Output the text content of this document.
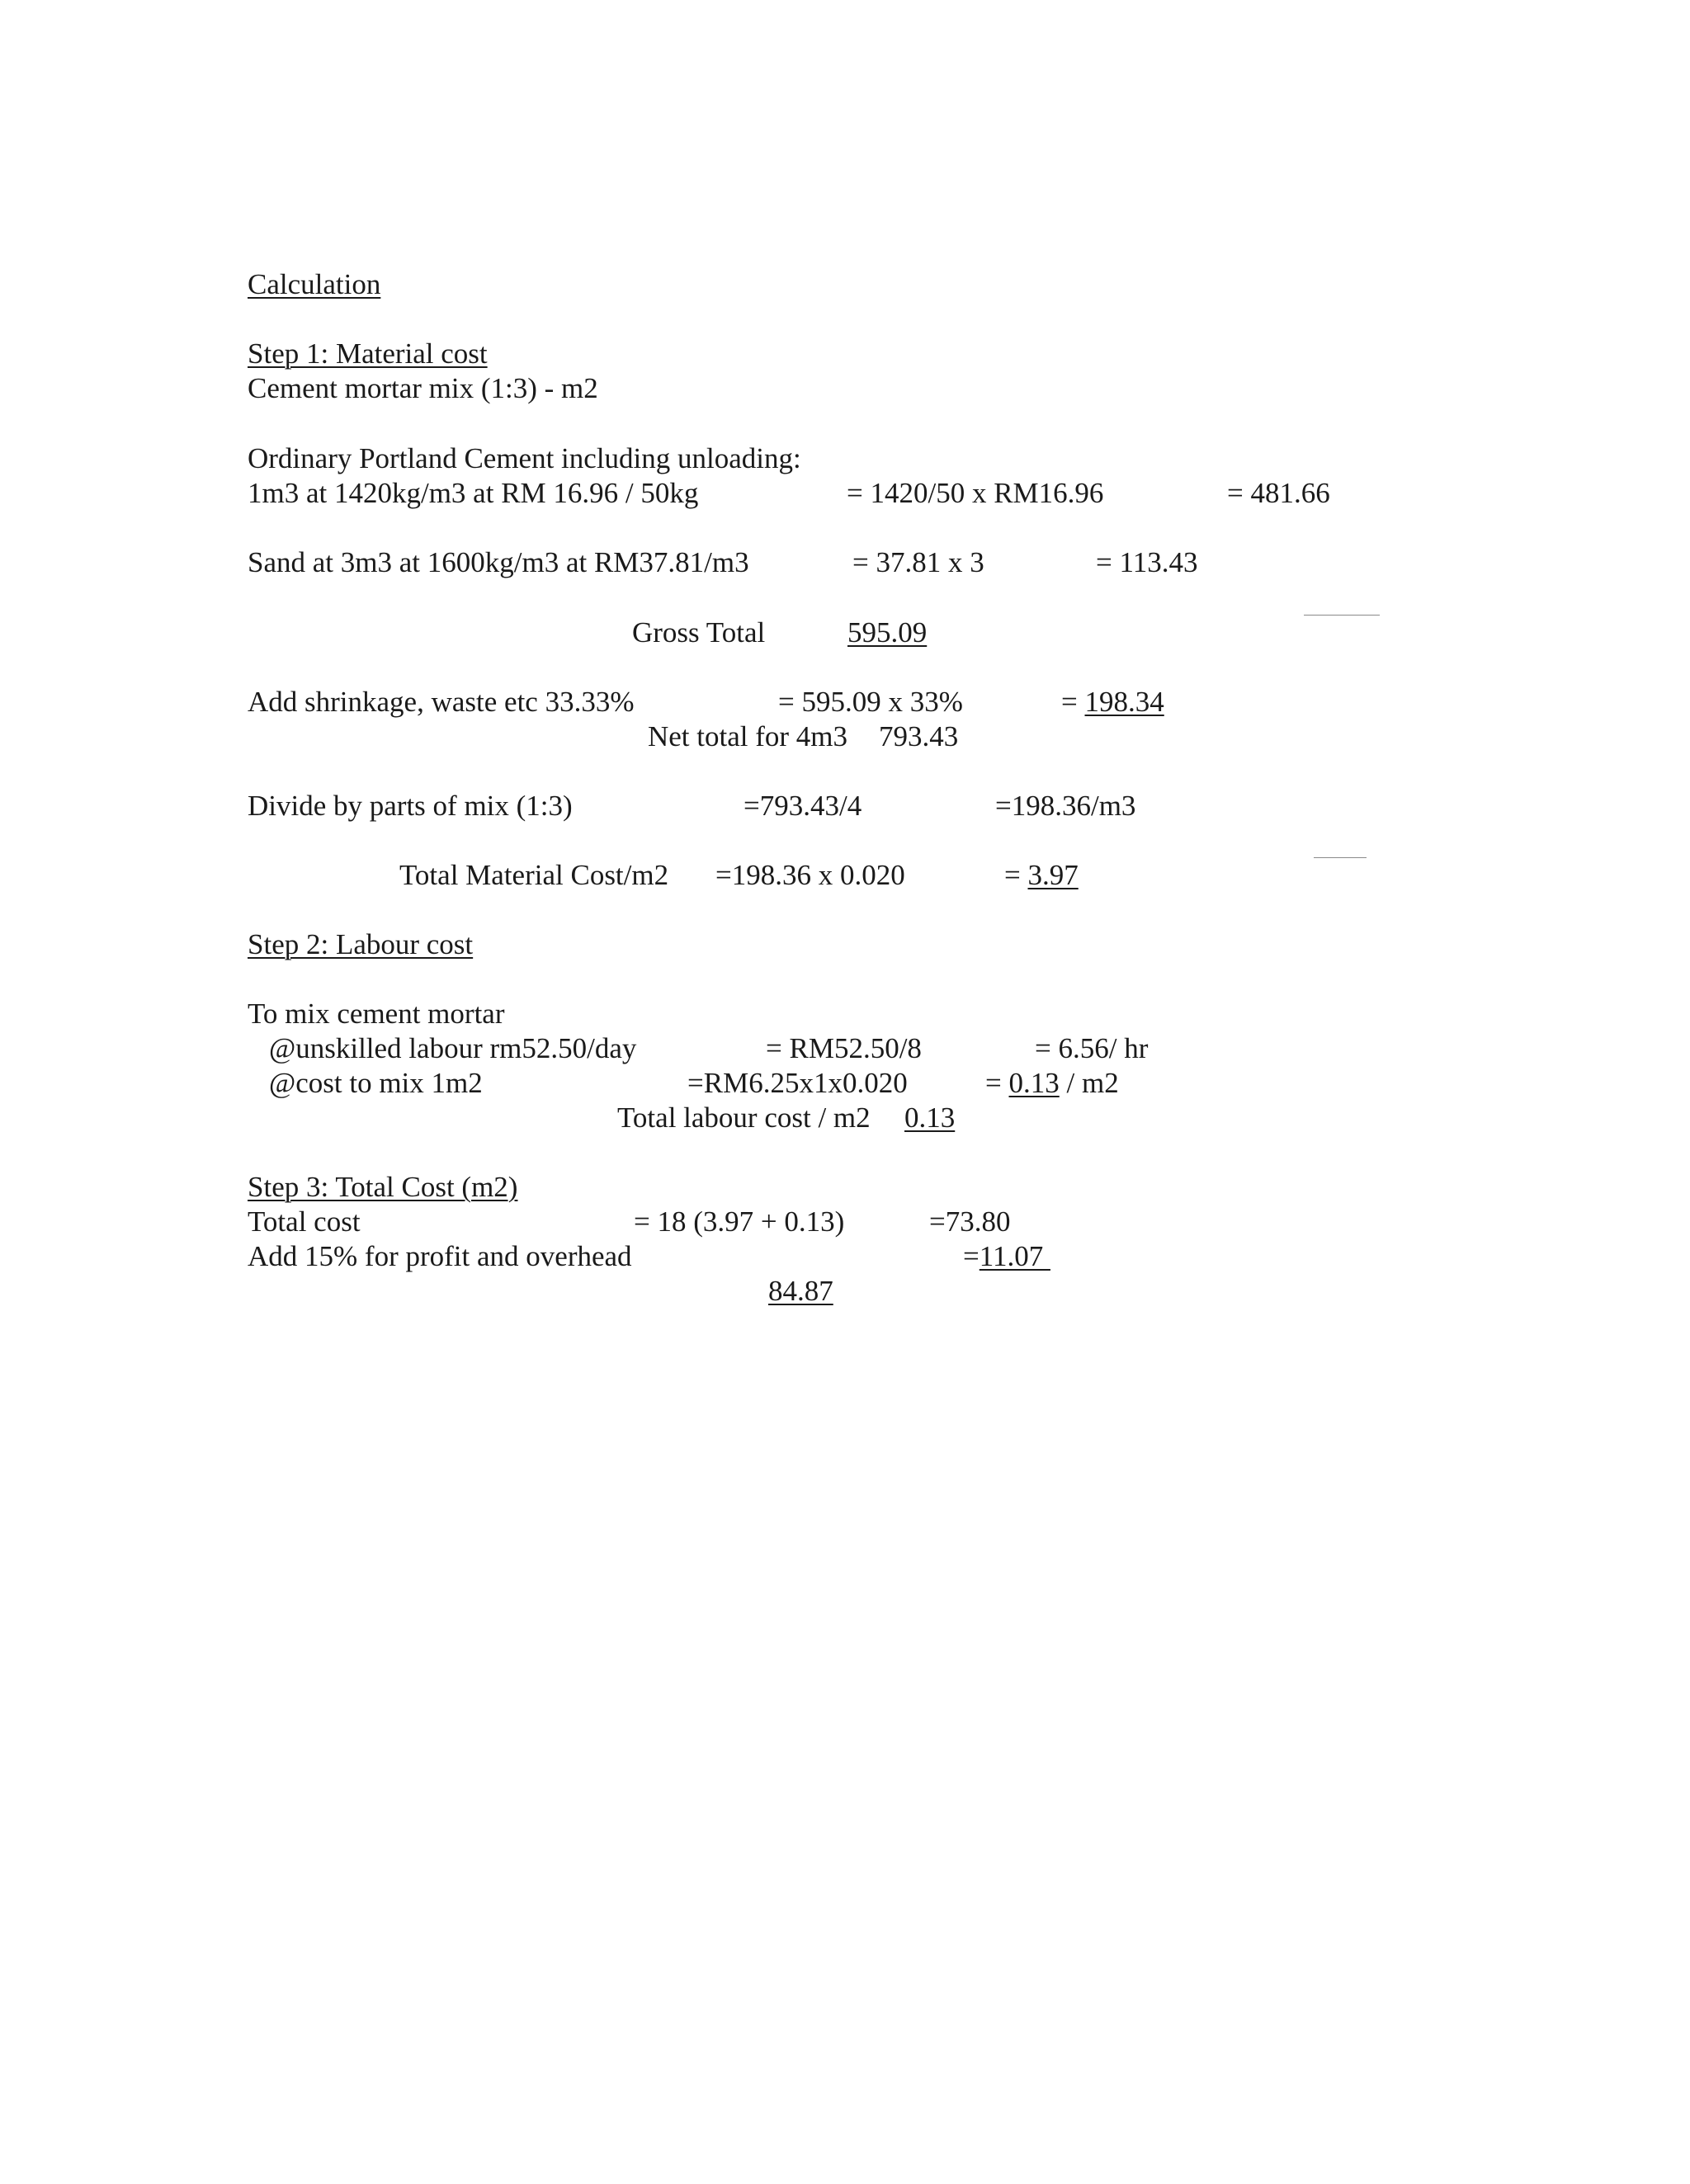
Calculation

Step 1: Material cost

Cement mortar mix (1:3) - m2

Ordinary Portland Cement including unloading:

1m3 at 1420kg/m3 at RM 16.96 / 50kg	= 1420/50 x RM16.96	= 481.66

Sand at 3m3 at 1600kg/m3 at RM37.81/m3	= 37.81 x 3	= 113.43

Gross Total	595.09

Add shrinkage, waste etc 33.33%	= 595.09 x 33%	= 198.34

Net total for 4m3 793.43

Divide by parts of mix (1:3)	=793.43/4	=198.36/m3

Total Material Cost/m2 =198.36 x 0.020	= 3.97

Step 2: Labour cost

To mix cement mortar

@unskilled labour rm52.50/day	= RM52.50/8	= 6.56/ hr

@cost to mix 1m2	=RM6.25x1x0.020	= 0.13 / m2

Total labour cost / m2 0.13

Step 3: Total Cost (m2)

Total cost	= 18 (3.97 + 0.13)	=73.80

Add 15% for profit and overhead	=11.07

84.87
